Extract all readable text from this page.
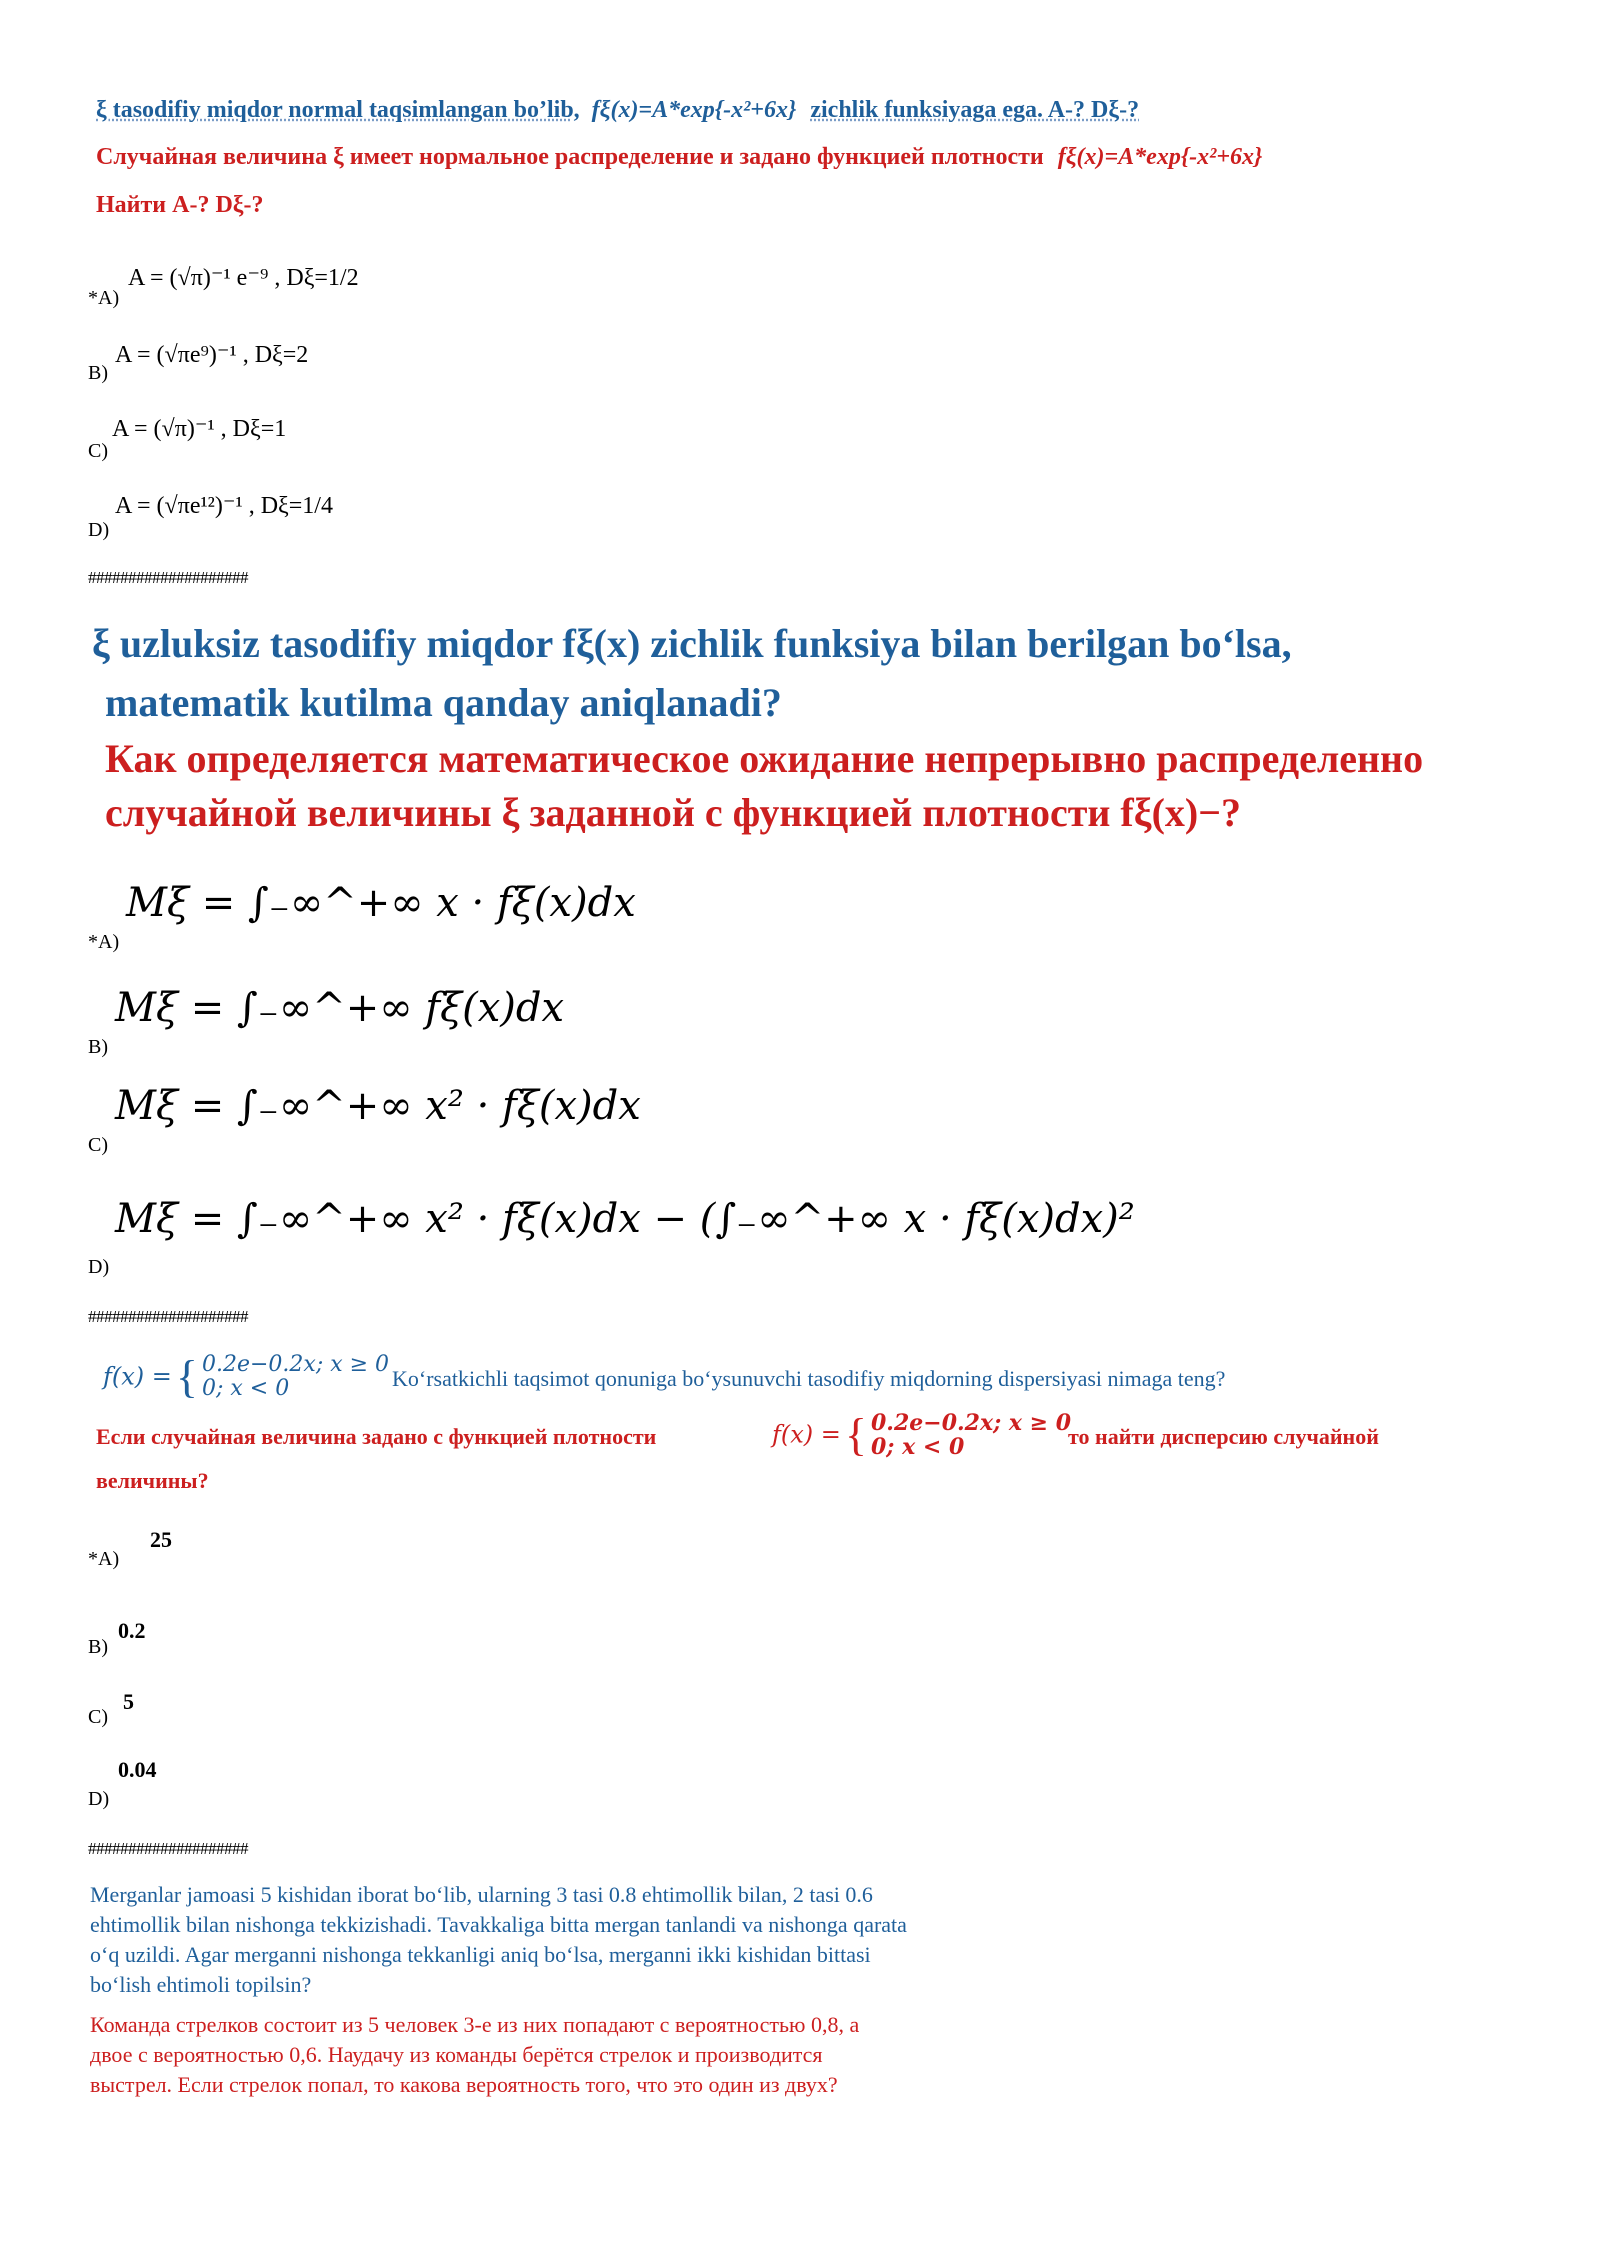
ξ tasodifiy miqdor normal taqsimlangan bo’lib, fξ(x)=A*exp{-x²+6x} zichlik funksiyaga ega. A-? Dξ-?
Случайная величина ξ имеет нормальное распределение и задано функцией плотности fξ(x)=A*exp{-x²+6x}
Найти A-? Dξ-?
*A)
A = (√π)⁻¹ e⁻⁹ , Dξ=1/2
B)
A = (√πe⁹)⁻¹ , Dξ=2
C)
A = (√π)⁻¹ , Dξ=1
D)
A = (√πe¹²)⁻¹ , Dξ=1/4
####################
ξ uzluksiz tasodifiy miqdor fξ(x) zichlik funksiya bilan berilgan bo‘lsa,
matematik kutilma qanday aniqlanadi?
Как определяется математическое ожидание непрерывно распределенно
случайной величины ξ заданной с функцией плотности fξ(x)−?
*A)
Mξ = ∫₋∞^+∞ x · fξ(x)dx
B)
Mξ = ∫₋∞^+∞ fξ(x)dx
C)
Mξ = ∫₋∞^+∞ x² · fξ(x)dx
D)
Mξ = ∫₋∞^+∞ x² · fξ(x)dx − (∫₋∞^+∞ x · fξ(x)dx)²
####################
f(x) = { 0.2e−0.2x; x ≥ 0
0; x < 0	Ko‘rsatkichli taqsimot qonuniga bo‘ysunuvchi tasodifiy miqdorning dispersiyasi nimaga teng?
Если случайная величина задано с функцией плотности	f(x) = { 0.2e−0.2x; x ≥ 0
0; x < 0	то найти дисперсию случайной
величины?
*A)
25
B)
0.2
C)
5
D)
0.04
####################
Merganlar jamoasi 5 kishidan iborat bo‘lib, ularning 3 tasi 0.8 ehtimollik bilan, 2 tasi 0.6 ehtimollik bilan nishonga tekkizishadi. Tavakkaliga bitta mergan tanlandi va nishonga qarata o‘q uzildi. Agar merganni nishonga tekkanligi aniq bo‘lsa, merganni ikki kishidan bittasi bo‘lish ehtimoli topilsin?
Команда стрелков состоит из 5 человек 3-е из них попадают с вероятностью 0,8, а двое с вероятностью 0,6. Наудачу из команды берётся стрелок и производится выстрел. Если стрелок попал, то какова вероятность того, что это один из двух?
